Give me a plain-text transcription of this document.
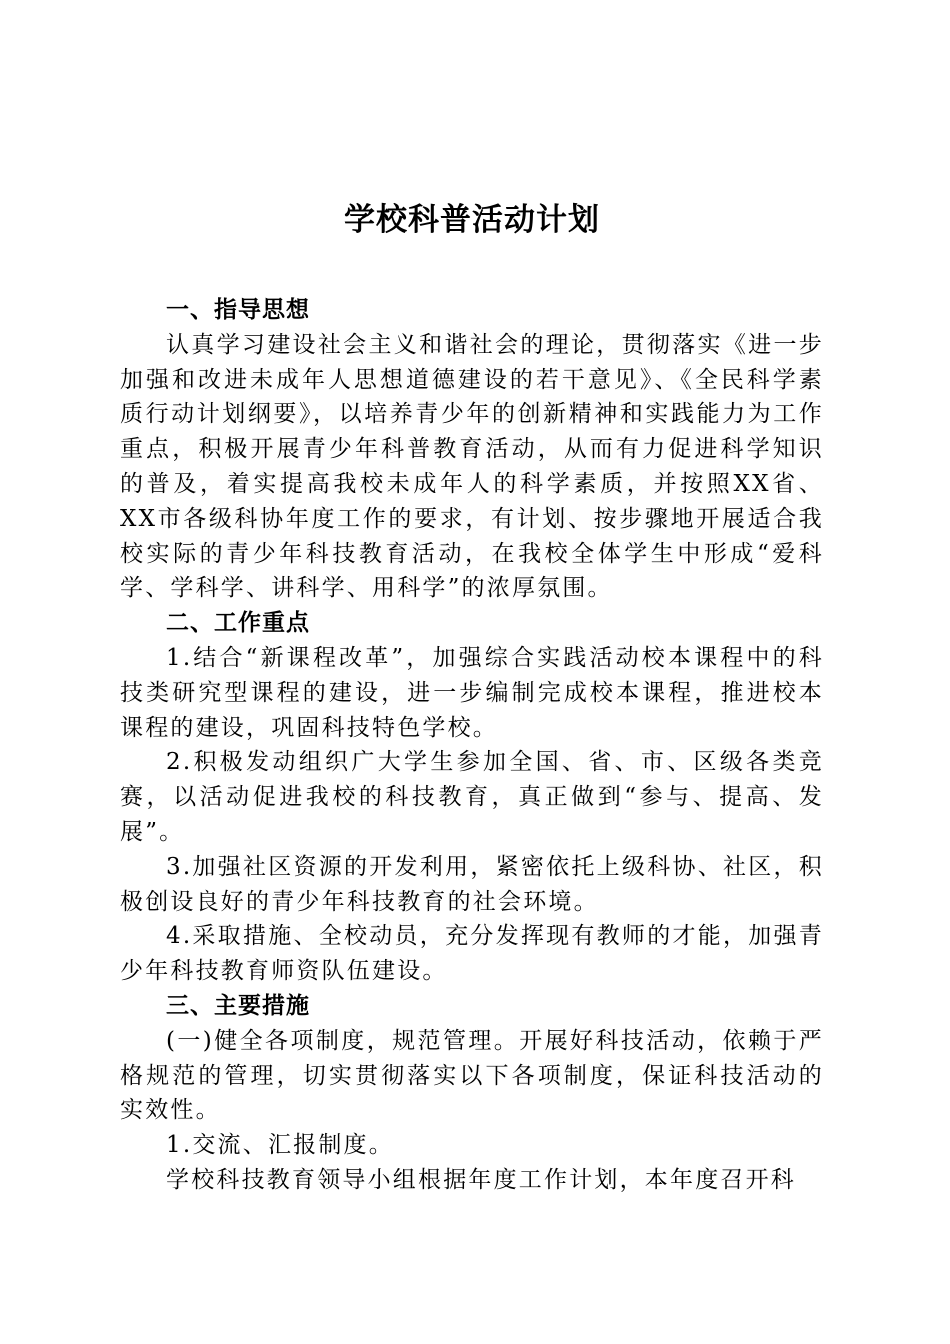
学校科普活动计划

一、指导思想

认真学习建设社会主义和谐社会的理论，贯彻落实《进一步加强和改进未成年人思想道德建设的若干意见》、《全民科学素质行动计划纲要》，以培养青少年的创新精神和实践能力为工作重点，积极开展青少年科普教育活动，从而有力促进科学知识的普及，着实提高我校未成年人的科学素质，并按照XX省、XX市各级科协年度工作的要求，有计划、按步骤地开展适合我校实际的青少年科技教育活动，在我校全体学生中形成“爱科学、学科学、讲科学、用科学”的浓厚氛围。

二、工作重点

1.结合“新课程改革”，加强综合实践活动校本课程中的科技类研究型课程的建设，进一步编制完成校本课程，推进校本课程的建设，巩固科技特色学校。

2.积极发动组织广大学生参加全国、省、市、区级各类竞赛，以活动促进我校的科技教育，真正做到“参与、提高、发展”。

3.加强社区资源的开发利用，紧密依托上级科协、社区，积极创设良好的青少年科技教育的社会环境。

4.采取措施、全校动员，充分发挥现有教师的才能，加强青少年科技教育师资队伍建设。

三、主要措施

(一)健全各项制度，规范管理。开展好科技活动，依赖于严格规范的管理，切实贯彻落实以下各项制度，保证科技活动的实效性。

1.交流、汇报制度。

学校科技教育领导小组根据年度工作计划，本年度召开科
